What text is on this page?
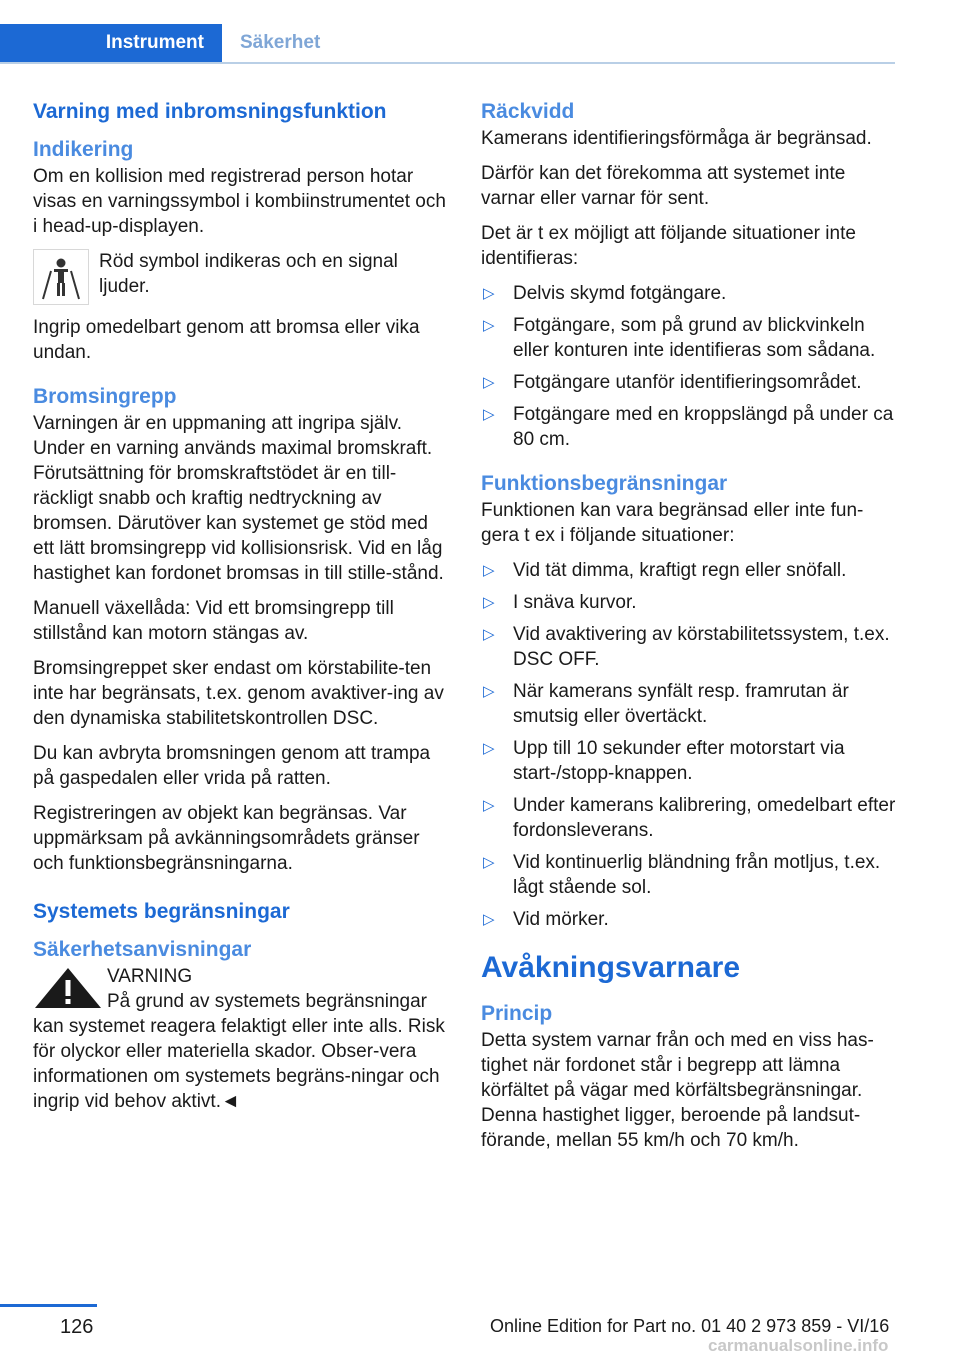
Instrument	Säkerhet
Varning med inbromsningsfunktion
Indikering

Om en kollision med registrerad person hotar visas en varningssymbol i kombiinstrumentet och i head-up-displayen.

Röd symbol indikeras och en signal ljuder.

Ingrip omedelbart genom att bromsa eller vika undan.

Bromsingrepp

Varningen är en uppmaning att ingripa själv. Under en varning används maximal bromskraft. Förutsättning för bromskraftstödet är en till-räckligt snabb och kraftig nedtryckning av bromsen. Därutöver kan systemet ge stöd med ett lätt bromsingrepp vid kollisionsrisk. Vid en låg hastighet kan fordonet bromsas in till stille-stånd.

Manuell växellåda: Vid ett bromsingrepp till stillstånd kan motorn stängas av.

Bromsingreppet sker endast om körstabilite-ten inte har begränsats, t.ex. genom avaktiver-ing av den dynamiska stabilitetskontrollen DSC.

Du kan avbryta bromsningen genom att trampa på gaspedalen eller vrida på ratten.

Registreringen av objekt kan begränsas. Var uppmärksam på avkänningsområdets gränser och funktionsbegränsningarna.

Systemets begränsningar
Säkerhetsanvisningar
VARNING
På grund av systemets begränsningar kan systemet reagera felaktigt eller inte alls. Risk för olyckor eller materiella skador. Obser-vera informationen om systemets begräns-ningar och ingrip vid behov aktivt.◄
Räckvidd

Kamerans identifieringsförmåga är begränsad.

Därför kan det förekomma att systemet inte varnar eller varnar för sent.

Det är t ex möjligt att följande situationer inte identifieras:

▷ Delvis skymd fotgängare.
▷ Fotgängare, som på grund av blickvinkeln eller konturen inte identifieras som sådana.
▷ Fotgängare utanför identifieringsområdet.
▷ Fotgängare med en kroppslängd på under ca 80 cm.
Funktionsbegränsningar

Funktionen kan vara begränsad eller inte fun-gera t ex i följande situationer:

▷ Vid tät dimma, kraftigt regn eller snöfall.
▷ I snäva kurvor.
▷ Vid avaktivering av körstabilitetssystem, t.ex. DSC OFF.
▷ När kamerans synfält resp. framrutan är smutsig eller övertäckt.
▷ Upp till 10 sekunder efter motorstart via start-/stopp-knappen.
▷ Under kamerans kalibrering, omedelbart efter fordonsleverans.
▷ Vid kontinuerlig bländning från motljus, t.ex. lågt stående sol.
▷ Vid mörker.
Avåkningsvarnare
Princip

Detta system varnar från och med en viss has-tighet när fordonet står i begrepp att lämna körfältet på vägar med körfältsbegränsningar. Denna hastighet ligger, beroende på landsut-förande, mellan 55 km/h och 70 km/h.

126	Online Edition for Part no. 01 40 2 973 859 - VI/16
carmanualsonline.info
